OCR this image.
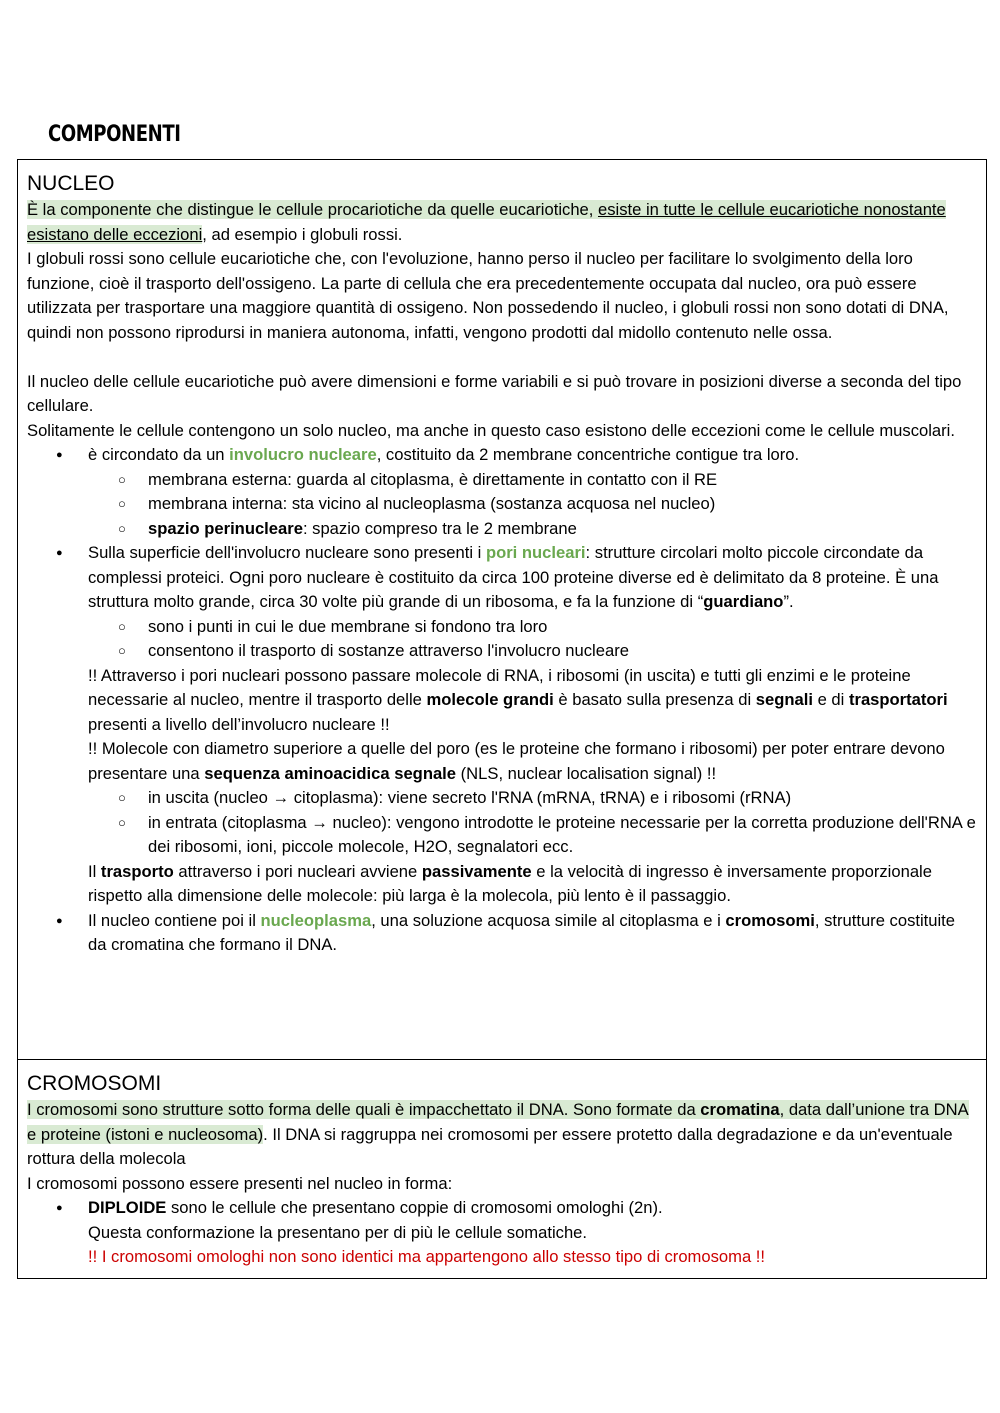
COMPONENTI
NUCLEO

È la componente che distingue le cellule procariotiche da quelle eucariotiche, esiste in tutte le cellule eucariotiche nonostante esistano delle eccezioni, ad esempio i globuli rossi.

I globuli rossi sono cellule eucariotiche che, con l'evoluzione, hanno perso il nucleo per facilitare lo svolgimento della loro funzione, cioè il trasporto dell'ossigeno. La parte di cellula che era precedentemente occupata dal nucleo, ora può essere utilizzata per trasportare una maggiore quantità di ossigeno. Non possedendo il nucleo, i globuli rossi non sono dotati di DNA, quindi non possono riprodursi in maniera autonoma, infatti, vengono prodotti dal midollo contenuto nelle ossa.

Il nucleo delle cellule eucariotiche può avere dimensioni e forme variabili e si può trovare in posizioni diverse a seconda del tipo cellulare.

Solitamente le cellule contengono un solo nucleo, ma anche in questo caso esistono delle eccezioni come le cellule muscolari.

● è circondato da un involucro nucleare, costituito da 2 membrane concentriche contigue tra loro.
○ membrana esterna: guarda al citoplasma, è direttamente in contatto con il RE
○ membrana interna: sta vicino al nucleoplasma (sostanza acquosa nel nucleo)
○ spazio perinucleare: spazio compreso tra le 2 membrane
● Sulla superficie dell'involucro nucleare sono presenti i pori nucleari: strutture circolari molto piccole circondate da complessi proteici. Ogni poro nucleare è costituito da circa 100 proteine diverse ed è delimitato da 8 proteine. È una struttura molto grande, circa 30 volte più grande di un ribosoma, e fa la funzione di “guardiano”.
○ sono i punti in cui le due membrane si fondono tra loro
○ consentono il trasporto di sostanze attraverso l'involucro nucleare

!! Attraverso i pori nucleari possono passare molecole di RNA, i ribosomi (in uscita) e tutti gli enzimi e le proteine necessarie al nucleo, mentre il trasporto delle molecole grandi è basato sulla presenza di segnali e di trasportatori presenti a livello dell’involucro nucleare !!

!! Molecole con diametro superiore a quelle del poro (es le proteine che formano i ribosomi) per poter entrare devono presentare una sequenza aminoacidica segnale (NLS, nuclear localisation signal) !!

○ in uscita (nucleo → citoplasma): viene secreto l'RNA (mRNA, tRNA) e i ribosomi (rRNA)
○ in entrata (citoplasma → nucleo): vengono introdotte le proteine necessarie per la corretta produzione dell'RNA e dei ribosomi, ioni, piccole molecole, H2O, segnalatori ecc.

Il trasporto attraverso i pori nucleari avviene passivamente e la velocità di ingresso è inversamente proporzionale rispetto alla dimensione delle molecole: più larga è la molecola, più lento è il passaggio.

● Il nucleo contiene poi il nucleoplasma, una soluzione acquosa simile al citoplasma e i cromosomi, strutture costituite da cromatina che formano il DNA.
CROMOSOMI

I cromosomi sono strutture sotto forma delle quali è impacchettato il DNA. Sono formate da cromatina, data dall’unione tra DNA e proteine (istoni e nucleosoma). Il DNA si raggruppa nei cromosomi per essere protetto dalla degradazione e da un'eventuale rottura della molecola

I cromosomi possono essere presenti nel nucleo in forma:

● DIPLOIDE sono le cellule che presentano coppie di cromosomi omologhi (2n).

Questa conformazione la presentano per di più le cellule somatiche.

!! I cromosomi omologhi non sono identici ma appartengono allo stesso tipo di cromosoma !!
